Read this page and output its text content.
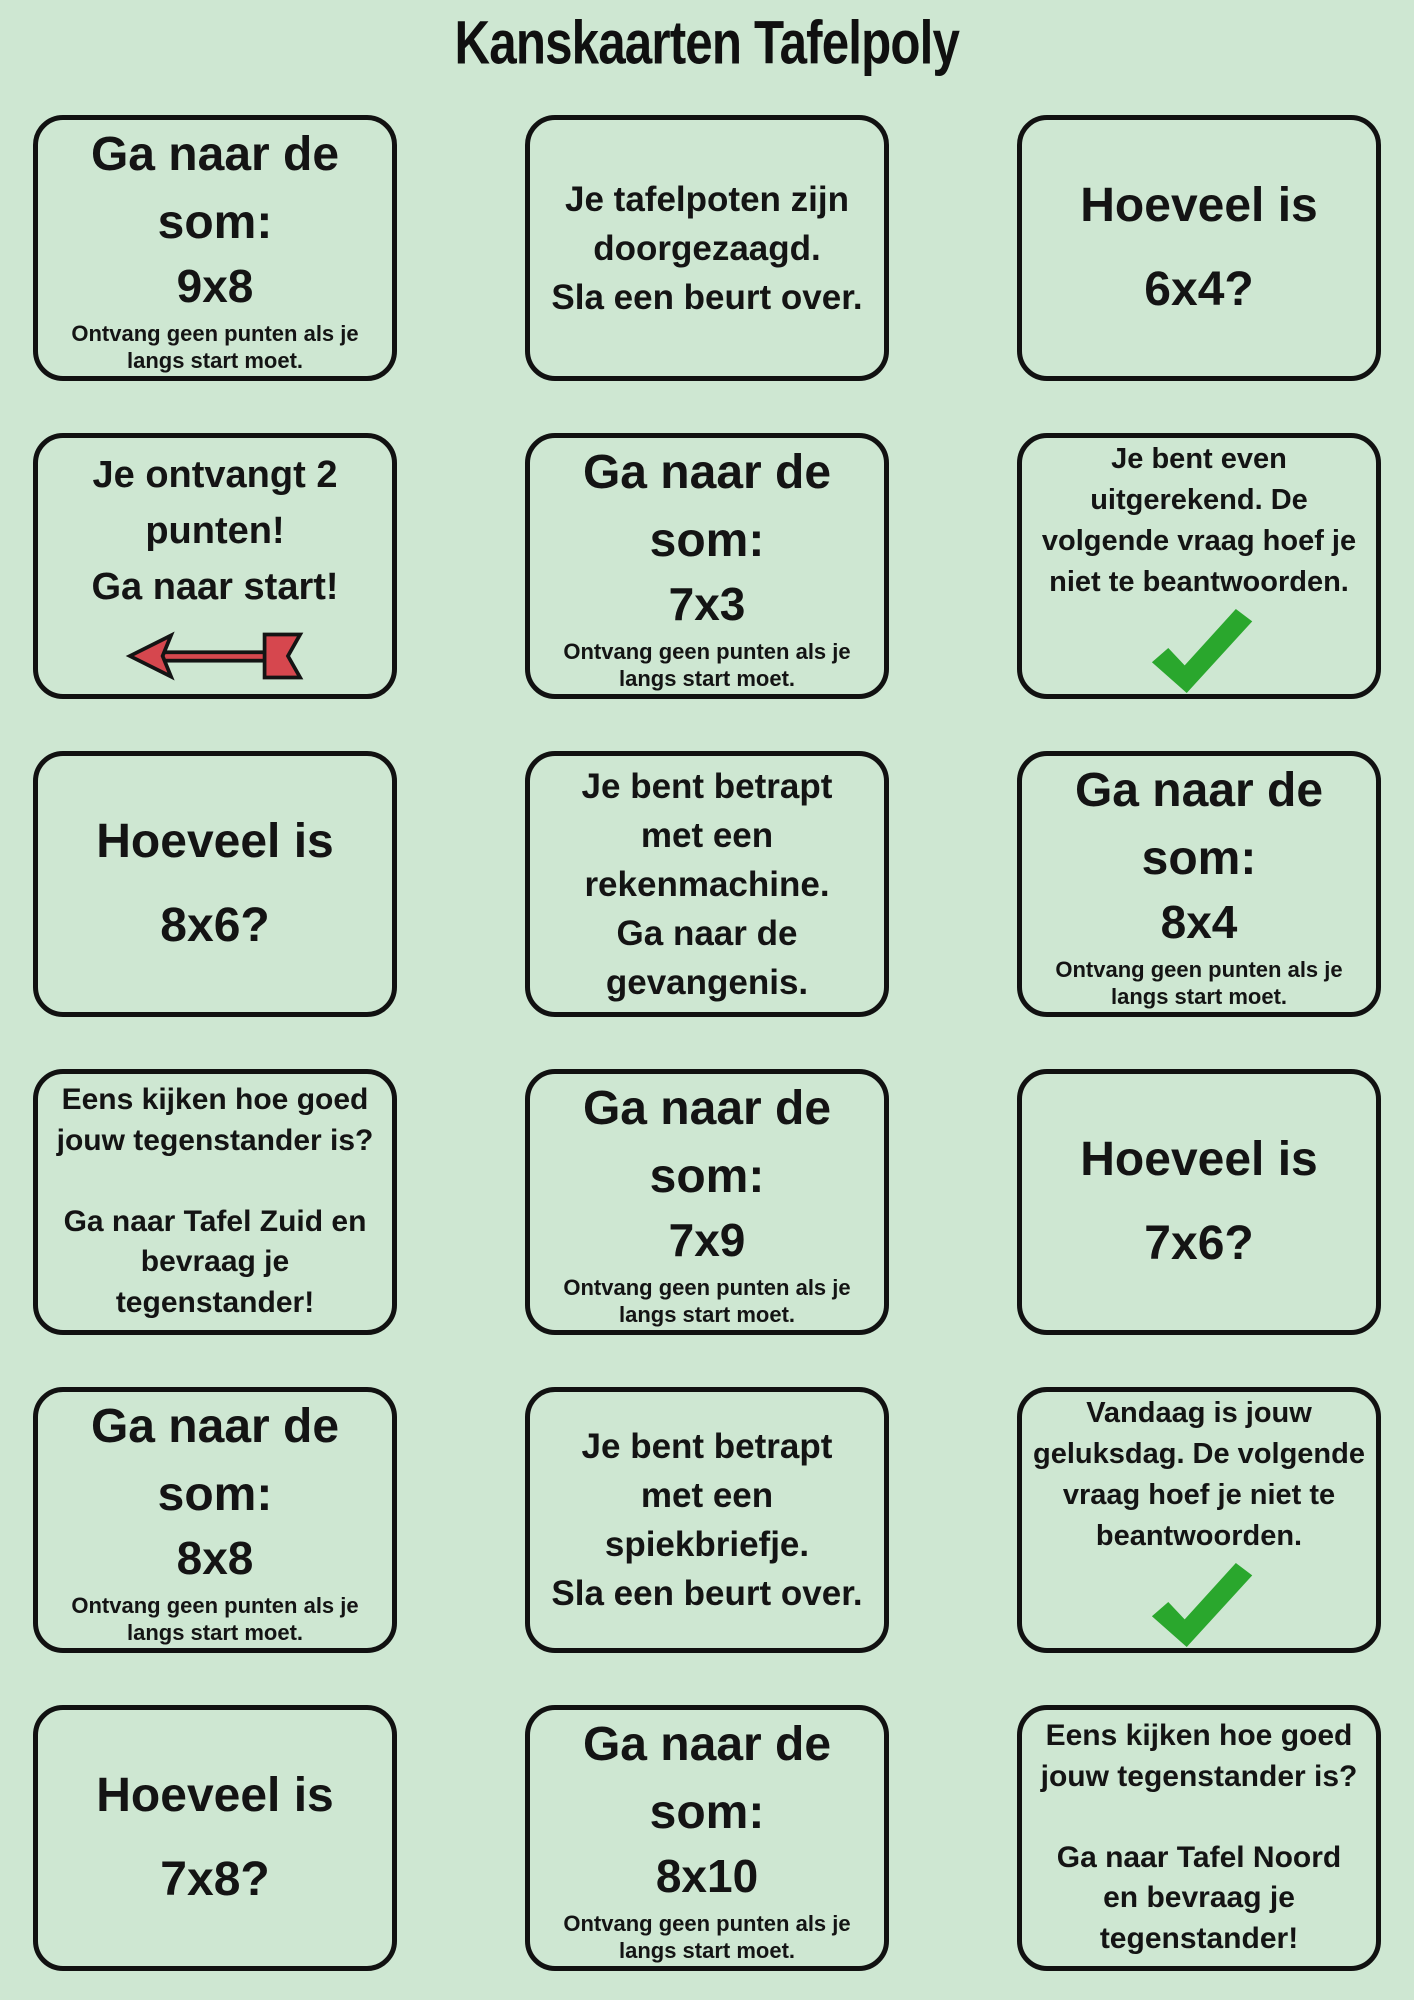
Kanskaarten Tafelpoly
Ga naar de
som:
9x8
Ontvang geen punten als je
langs start moet.
Je tafelpoten zijn
doorgezaagd.
Sla een beurt over.
Hoeveel is
6x4?
Je ontvangt 2
punten!
Ga naar start!
Ga naar de
som:
7x3
Ontvang geen punten als je
langs start moet.
Je bent even
uitgerekend. De
volgende vraag hoef je
niet te beantwoorden.
Hoeveel is
8x6?
Je bent betrapt
met een
rekenmachine.
Ga naar de
gevangenis.
Ga naar de
som:
8x4
Ontvang geen punten als je
langs start moet.
Eens kijken hoe goed
jouw tegenstander is?
Ga naar Tafel Zuid en
bevraag je
tegenstander!
Ga naar de
som:
7x9
Ontvang geen punten als je
langs start moet.
Hoeveel is
7x6?
Ga naar de
som:
8x8
Ontvang geen punten als je
langs start moet.
Je bent betrapt
met een
spiekbriefje.
Sla een beurt over.
Vandaag is jouw
geluksdag. De volgende
vraag hoef je niet te
beantwoorden.
Hoeveel is
7x8?
Ga naar de
som:
8x10
Ontvang geen punten als je
langs start moet.
Eens kijken hoe goed
jouw tegenstander is?
Ga naar Tafel Noord
en bevraag je
tegenstander!
